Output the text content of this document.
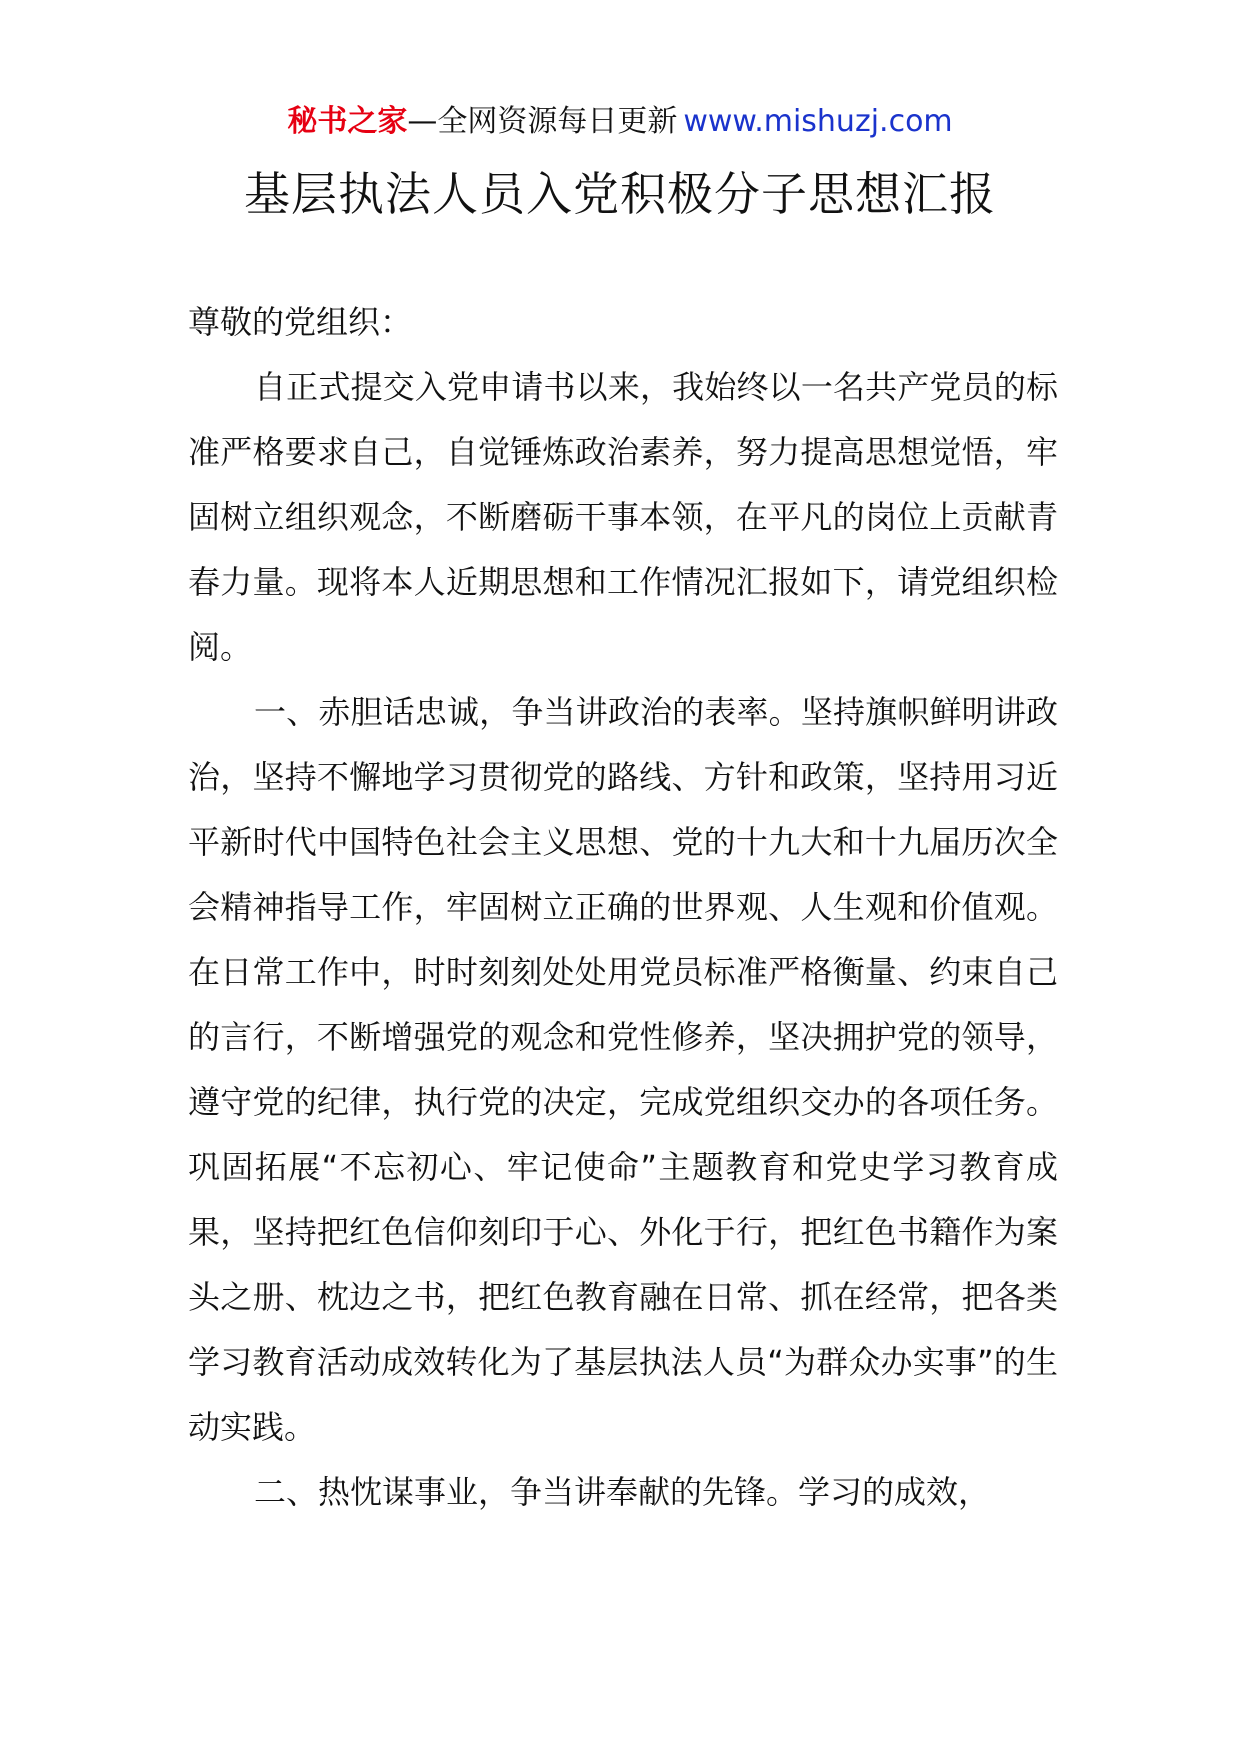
秘书之家—全网资源每日更新 www.mishuzj.com
基层执法人员入党积极分子思想汇报

尊敬的党组织：

自正式提交入党申请书以来，我始终以一名共产党员的标准严格要求自己，自觉锤炼政治素养，努力提高思想觉悟，牢固树立组织观念，不断磨砺干事本领，在平凡的岗位上贡献青春力量。现将本人近期思想和工作情况汇报如下，请党组织检阅。

一、赤胆话忠诚，争当讲政治的表率。坚持旗帜鲜明讲政治，坚持不懈地学习贯彻党的路线、方针和政策，坚持用习近平新时代中国特色社会主义思想、党的十九大和十九届历次全会精神指导工作，牢固树立正确的世界观、人生观和价值观。在日常工作中，时时刻刻处处用党员标准严格衡量、约束自己的言行，不断增强党的观念和党性修养，坚决拥护党的领导，遵守党的纪律，执行党的决定，完成党组织交办的各项任务。巩固拓展“不忘初心、牢记使命”主题教育和党史学习教育成果，坚持把红色信仰刻印于心、外化于行，把红色书籍作为案头之册、枕边之书，把红色教育融在日常、抓在经常，把各类学习教育活动成效转化为了基层执法人员“为群众办实事”的生动实践。

二、热忱谋事业，争当讲奉献的先锋。学习的成效，
